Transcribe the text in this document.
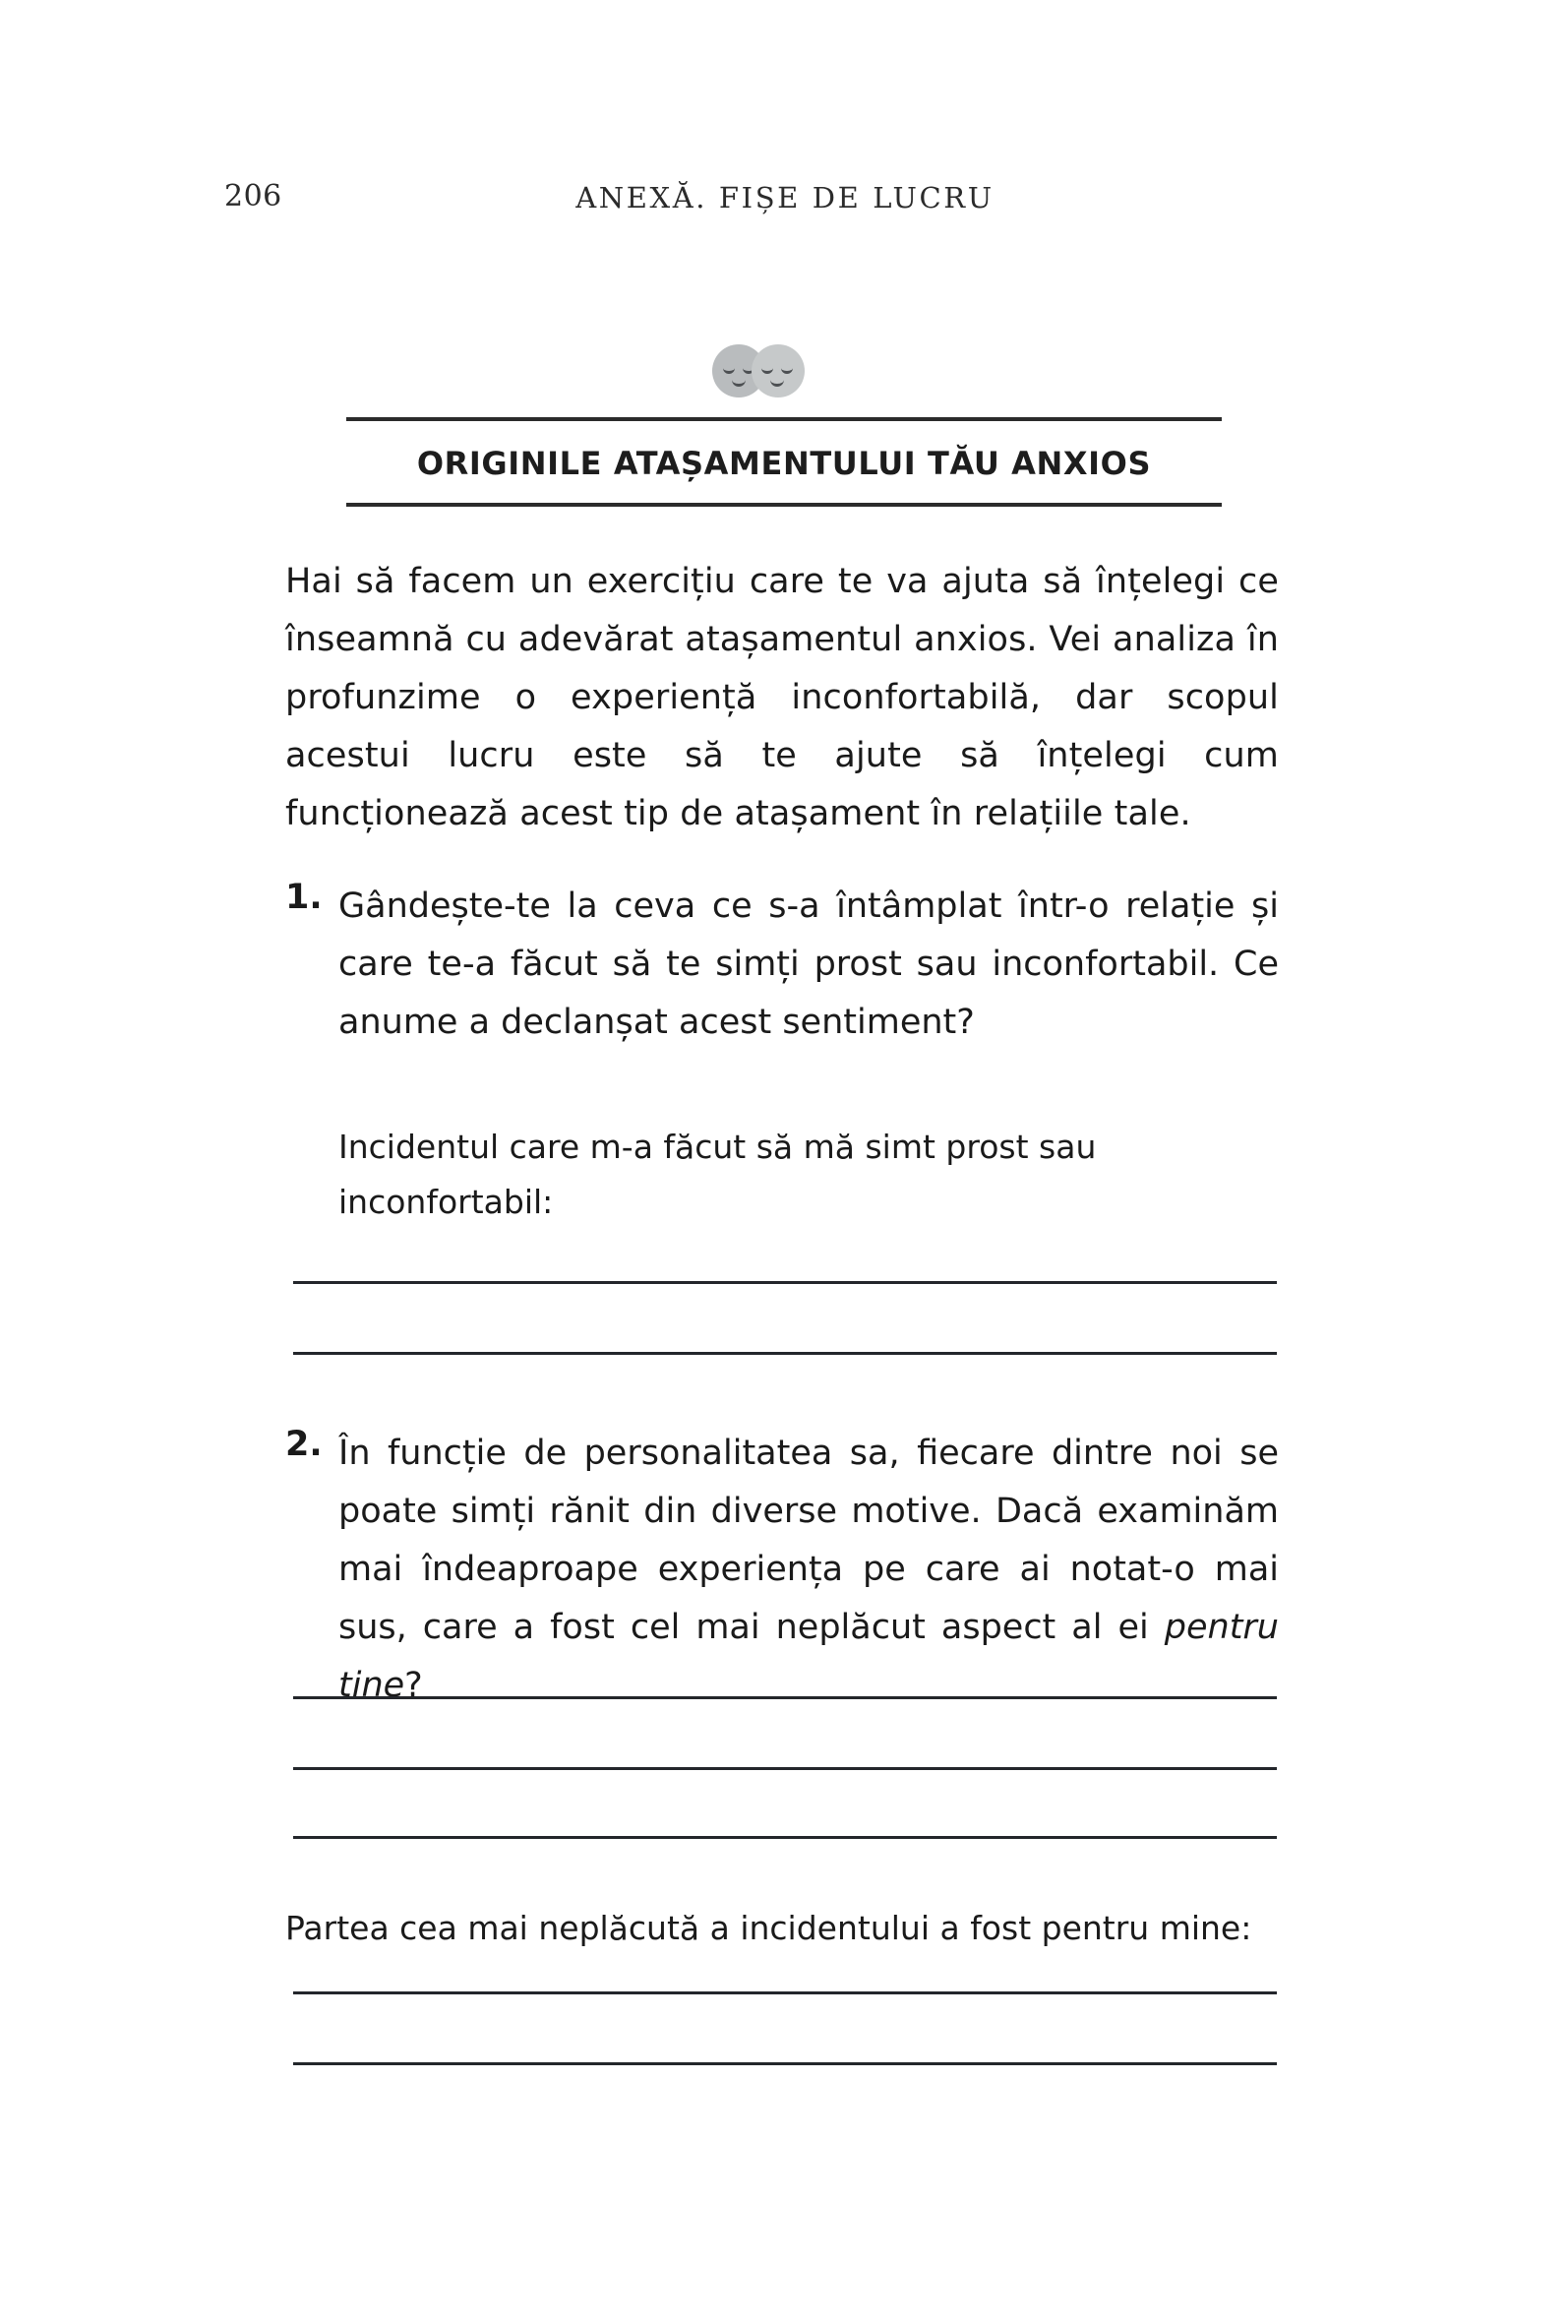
206	ANEXĂ. FIȘE DE LUCRU
ORIGINILE ATAȘAMENTULUI TĂU ANXIOS
Hai să facem un exercițiu care te va ajuta să înțelegi ce înseamnă cu adevărat atașamentul anxios. Vei analiza în profunzime o experiență inconfortabilă, dar scopul acestui lucru este să te ajute să înțelegi cum funcționează acest tip de atașament în relațiile tale.
1. Gândește-te la ceva ce s-a întâmplat într-o relație și care te-a făcut să te simți prost sau inconfortabil. Ce anume a declanșat acest sentiment?
Incidentul care m-a făcut să mă simt prost sau inconfortabil:
2. În funcție de personalitatea sa, fiecare dintre noi se poate simți rănit din diverse motive. Dacă examinăm mai îndeaproape experiența pe care ai notat-o mai sus, care a fost cel mai neplăcut aspect al ei pentru tine?
Partea cea mai neplăcută a incidentului a fost pentru mine:
